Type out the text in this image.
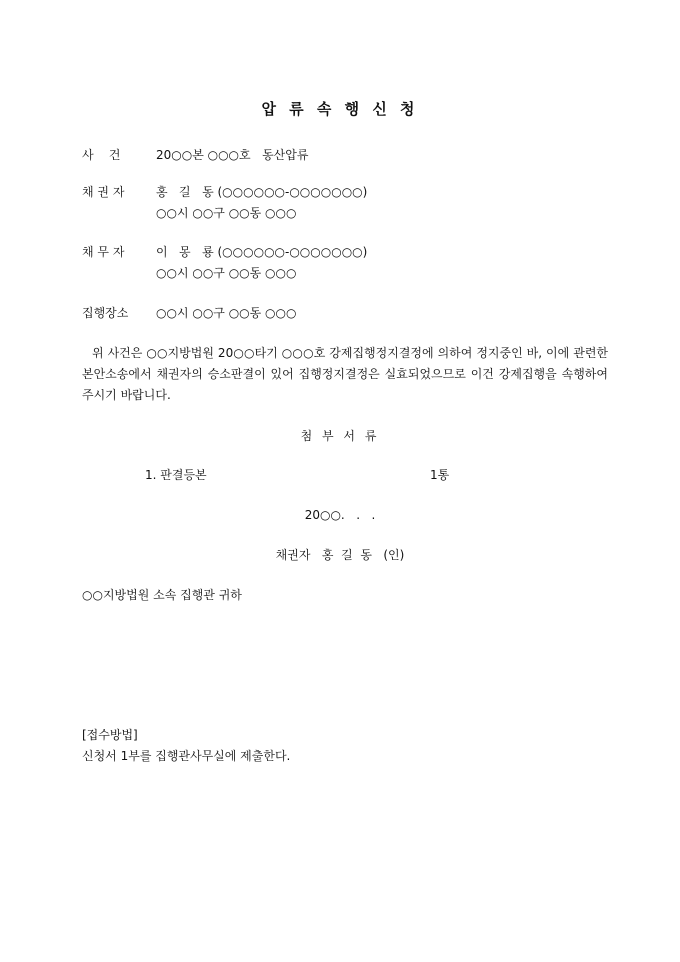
압 류 속 행 신 청
사    건	20○○본 ○○○호   동산압류
채 권 자	홍   길   동 (○○○○○○-○○○○○○○)
○○시 ○○구 ○○동 ○○○
채 무 자	이   몽   룡 (○○○○○○-○○○○○○○)
○○시 ○○구 ○○동 ○○○
집행장소 ○○시 ○○구 ○○동 ○○○
위 사건은 ○○지방법원 20○○타기 ○○○호 강제집행정지결정에 의하여 정지중인 바, 이에 관련한 본안소송에서 채권자의 승소판결이 있어 집행정지결정은 실효되었으므로 이건 강제집행을 속행하여 주시기 바랍니다.
첨 부 서 류
1. 판결등본	1통
20○○.   .   .
채권자   홍  길  동   (인)
○○지방법원 소속 집행관 귀하
[접수방법]
신청서 1부를 집행관사무실에 제출한다.
